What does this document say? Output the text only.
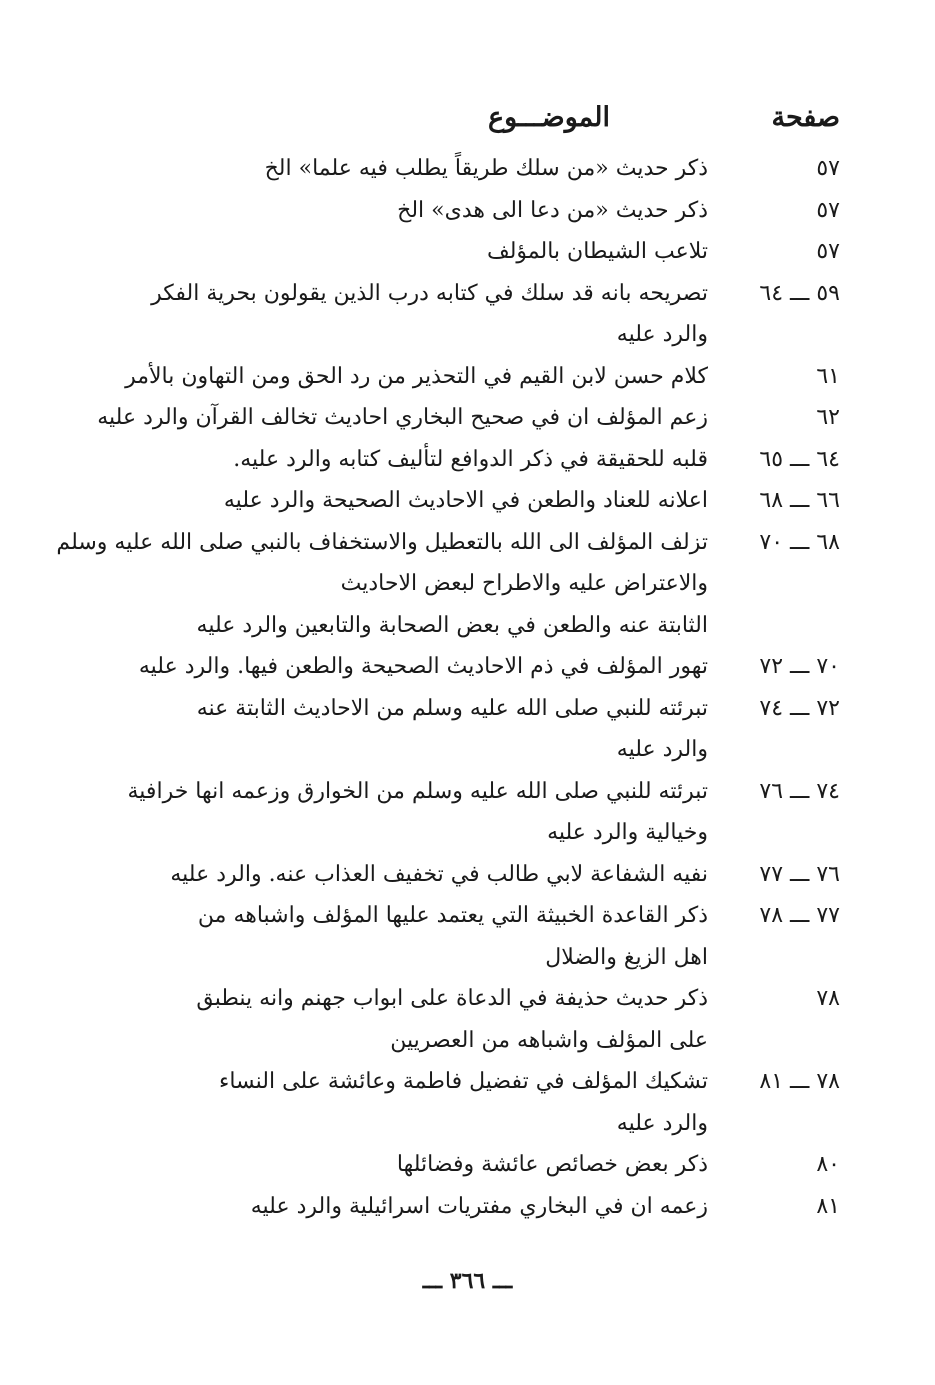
صفحة
الموضـــوع
٥٧
ذكر حديث «من سلك طريقاً يطلب فيه علما» الخ
٥٧
ذكر حديث «من دعا الى هدى» الخ
٥٧
تلاعب الشيطان بالمؤلف
٥٩ ـــ ٦٤
تصريحه بانه قد سلك في كتابه درب الذين يقولون بحرية الفكر
والرد عليه
٦١
كلام حسن لابن القيم في التحذير من رد الحق ومن التهاون بالأمر
٦٢
زعم المؤلف ان في صحيح البخاري احاديث تخالف القرآن والرد عليه
٦٤ ـــ ٦٥
قلبه للحقيقة في ذكر الدوافع لتأليف كتابه والرد عليه.
٦٦ ـــ ٦٨
اعلانه للعناد والطعن في الاحاديث الصحيحة والرد عليه
٦٨ ـــ ٧٠
تزلف المؤلف الى الله بالتعطيل والاستخفاف بالنبي صلى الله عليه وسلم
والاعتراض عليه والاطراح لبعض الاحاديث
الثابتة عنه والطعن في بعض الصحابة والتابعين والرد عليه
٧٠ ـــ ٧٢
تهور المؤلف في ذم الاحاديث الصحيحة والطعن فيها. والرد عليه
٧٢ ـــ ٧٤
تبرئته للنبي صلى الله عليه وسلم من الاحاديث الثابتة عنه
والرد عليه
٧٤ ـــ ٧٦
تبرئته للنبي صلى الله عليه وسلم من الخوارق وزعمه انها خرافية
وخيالية والرد عليه
٧٦ ـــ ٧٧
نفيه الشفاعة لابي طالب في تخفيف العذاب عنه. والرد عليه
٧٧ ـــ ٧٨
ذكر القاعدة الخبيثة التي يعتمد عليها المؤلف واشباهه من
اهل الزيغ والضلال
٧٨
ذكر حديث حذيفة في الدعاة على ابواب جهنم وانه ينطبق
على المؤلف واشباهه من العصريين
٧٨ ـــ ٨١
تشكيك المؤلف في تفضيل فاطمة وعائشة على النساء
والرد عليه
٨٠
ذكر بعض خصائص عائشة وفضائلها
٨١
زعمه ان في البخاري مفتريات اسرائيلية والرد عليه
ـــ ٣٦٦ ـــ
